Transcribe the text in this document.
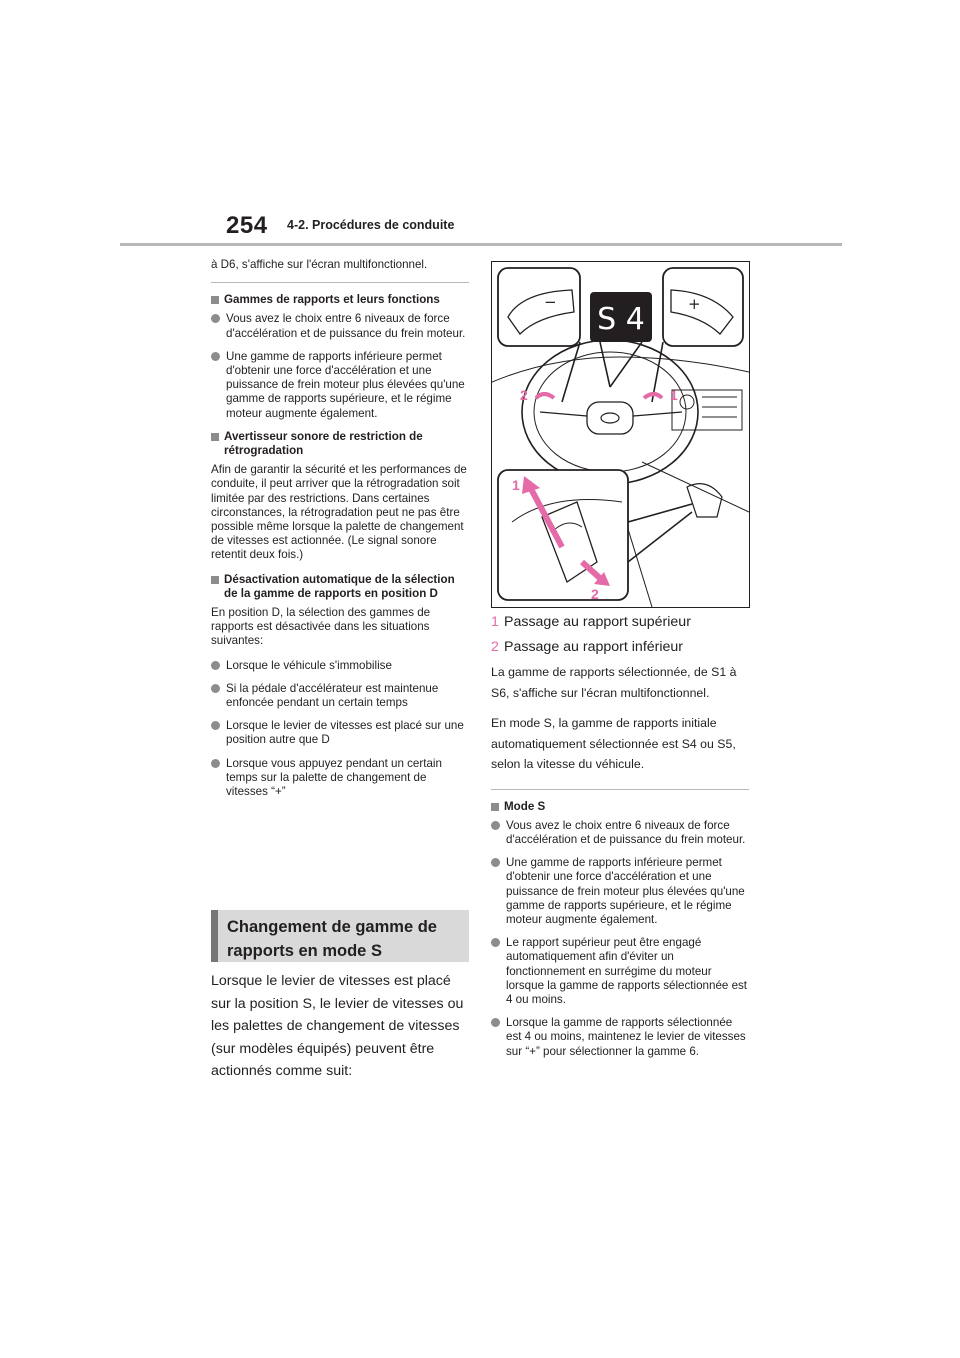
254 4-2. Procédures de conduite

à D6, s'affiche sur l'écran multifonctionnel.

Gammes de rapports et leurs fonctions
Vous avez le choix entre 6 niveaux de force d'accélération et de puissance du frein moteur.
Une gamme de rapports inférieure permet d'obtenir une force d'accélération et une puissance de frein moteur plus élevées qu'une gamme de rapports supérieure, et le régime moteur augmente également.
Avertisseur sonore de restriction de rétrogradation

Afin de garantir la sécurité et les performances de conduite, il peut arriver que la rétrogradation soit limitée par des restrictions. Dans certaines circonstances, la rétrogradation peut ne pas être possible même lorsque la palette de changement de vitesses est actionnée. (Le signal sonore retentit deux fois.)

Désactivation automatique de la sélection de la gamme de rapports en position D

En position D, la sélection des gammes de rapports est désactivée dans les situations suivantes:

Lorsque le véhicule s'immobilise
Si la pédale d'accélérateur est maintenue enfoncée pendant un certain temps
Lorsque le levier de vitesses est placé sur une position autre que D
Lorsque vous appuyez pendant un certain temps sur la palette de changement de vitesses “+”
Changement de gamme de rapports en mode S

Lorsque le levier de vitesses est placé sur la position S, le levier de vitesses ou les palettes de changement de vitesses (sur modèles équipés) peuvent être actionnés comme suit:

−	+
S 4
2	1
1
2
1 Passage au rapport supérieur
2 Passage au rapport inférieur

La gamme de rapports sélectionnée, de S1 à S6, s'affiche sur l'écran multifonctionnel.

En mode S, la gamme de rapports initiale automatiquement sélectionnée est S4 ou S5, selon la vitesse du véhicule.

Mode S
Vous avez le choix entre 6 niveaux de force d'accélération et de puissance du frein moteur.
Une gamme de rapports inférieure permet d'obtenir une force d'accélération et une puissance de frein moteur plus élevées qu'une gamme de rapports supérieure, et le régime moteur augmente également.
Le rapport supérieur peut être engagé automatiquement afin d'éviter un fonctionnement en surrégime du moteur lorsque la gamme de rapports sélectionnée est 4 ou moins.
Lorsque la gamme de rapports sélectionnée est 4 ou moins, maintenez le levier de vitesses sur “+” pour sélectionner la gamme 6.
